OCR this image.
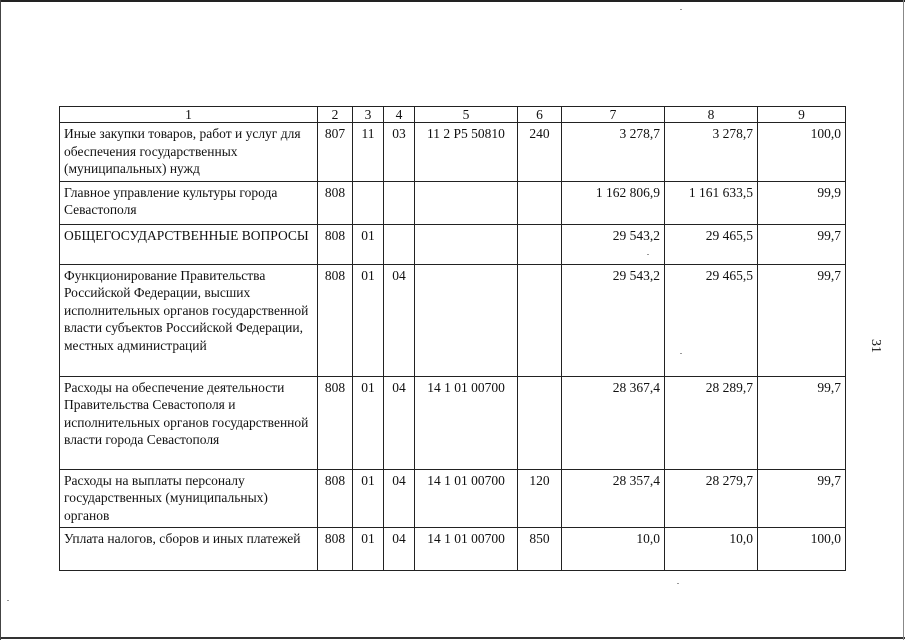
1	2	3	4	5	6	7	8	9
Иные закупки товаров, работ и услуг для обеспечения государственных (муниципальных) нужд	807	11	03	11 2 P5 50810	240	3 278,7	3 278,7	100,0
Главное управление культуры города Севастополя	808					1 162 806,9	1 161 633,5	99,9
ОБЩЕГОСУДАРСТВЕННЫЕ ВОПРОСЫ	808	01				29 543,2	29 465,5	99,7
Функционирование Правительства Российской Федерации, высших исполнительных органов государственной власти субъектов Российской Федерации, местных администраций	808	01	04			29 543,2	29 465,5	99,7
Расходы на обеспечение деятельности Правительства Севастополя и исполнительных органов государственной власти города Севастополя	808	01	04	14 1 01 00700		28 367,4	28 289,7	99,7
Расходы на выплаты персоналу государственных (муниципальных) органов	808	01	04	14 1 01 00700	120	28 357,4	28 279,7	99,7
Уплата налогов, сборов и иных платежей	808	01	04	14 1 01 00700	850	10,0	10,0	100,0
31
